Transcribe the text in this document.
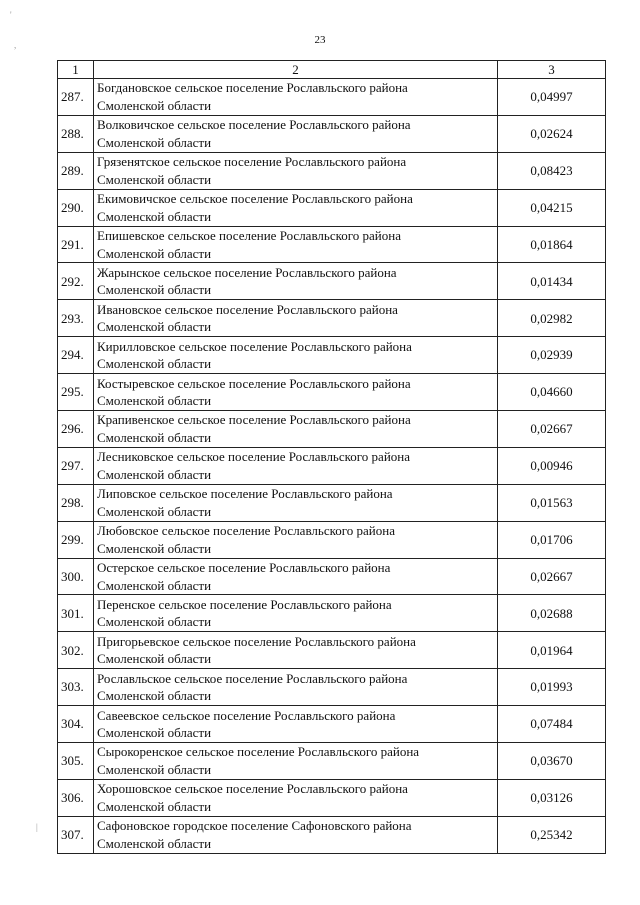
23
'
,
|
1	2	3
287.	Богдановское сельское поселение Рославльского района
Смоленской области	0,04997
288.	Волковичское сельское поселение Рославльского района
Смоленской области	0,02624
289.	Грязенятское сельское поселение Рославльского района
Смоленской области	0,08423
290.	Екимовичское сельское поселение Рославльского района
Смоленской области	0,04215
291.	Епишевское сельское поселение Рославльского района
Смоленской области	0,01864
292.	Жарынское сельское поселение Рославльского района
Смоленской области	0,01434
293.	Ивановское сельское поселение Рославльского района
Смоленской области	0,02982
294.	Кирилловское сельское поселение Рославльского района
Смоленской области	0,02939
295.	Костыревское сельское поселение Рославльского района
Смоленской области	0,04660
296.	Крапивенское сельское поселение Рославльского района
Смоленской области	0,02667
297.	Лесниковское сельское поселение Рославльского района
Смоленской области	0,00946
298.	Липовское сельское поселение Рославльского района
Смоленской области	0,01563
299.	Любовское сельское поселение Рославльского района
Смоленской области	0,01706
300.	Остерское сельское поселение Рославльского района
Смоленской области	0,02667
301.	Перенское сельское поселение Рославльского района
Смоленской области	0,02688
302.	Пригорьевское сельское поселение Рославльского района
Смоленской области	0,01964
303.	Рославльское сельское поселение Рославльского района
Смоленской области	0,01993
304.	Савеевское сельское поселение Рославльского района
Смоленской области	0,07484
305.	Сырокоренское сельское поселение Рославльского района
Смоленской области	0,03670
306.	Хорошовское сельское поселение Рославльского района
Смоленской области	0,03126
307.	Сафоновское городское поселение Сафоновского района
Смоленской области	0,25342
